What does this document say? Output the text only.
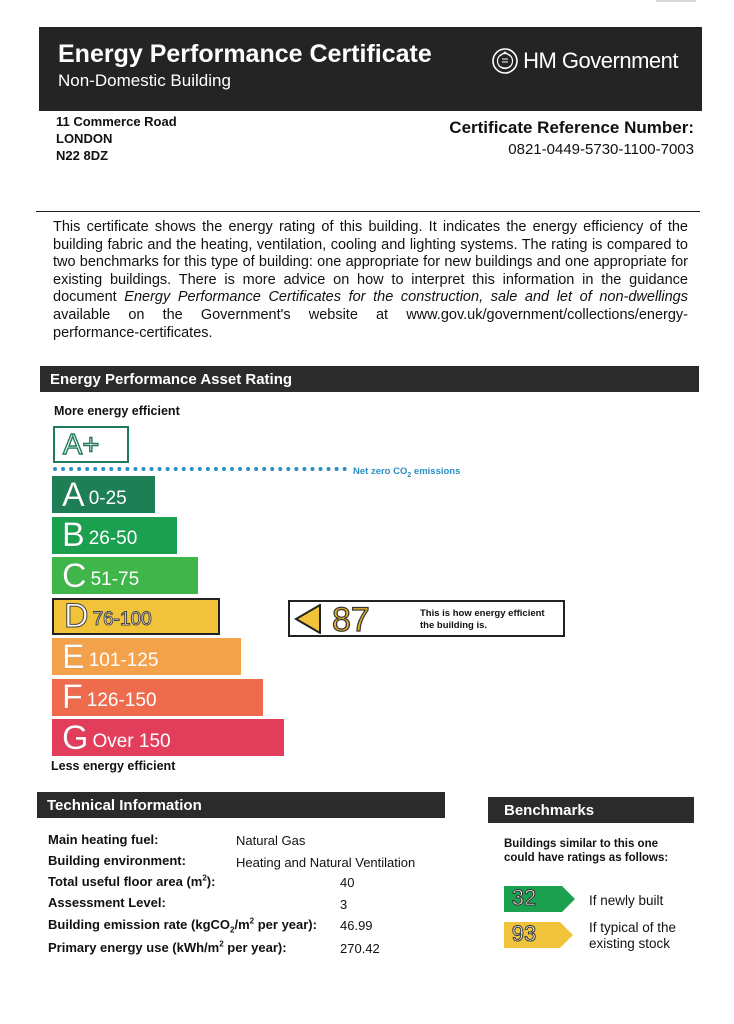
Energy Performance Certificate
Non-Domestic Building
HM Government
11 Commerce Road
LONDON
N22 8DZ
Certificate Reference Number:
0821-0449-5730-1100-7003
This certificate shows the energy rating of this building. It indicates the energy efficiency of the building fabric and the heating, ventilation, cooling and lighting systems. The rating is compared to two benchmarks for this type of building: one appropriate for new buildings and one appropriate for existing buildings. There is more advice on how to interpret this information in the guidance document Energy Performance Certificates for the construction, sale and let of non-dwellings available on the Government's website at www.gov.uk/government/collections/energy-performance-certificates.
Energy Performance Asset Rating
More energy efficient
A+
Net zero $CO_2$ emissions
A 0-25
B 26-50
C 51-75
D 76-100
E 101-125
F 126-150
G Over 150
Less energy efficient
87	This is how energy efficient the building is.
Technical Information
Main heating fuel:	Natural Gas
Building environment:	Heating and Natural Ventilation
Total useful floor area $(m^2)$:	40
Assessment Level:	3
Building emission rate ($kgCO_2/m^2$ per year): 46.99
Primary energy use ($kWh/m^2$ per year):	270.42
Benchmarks
Buildings similar to this one could have ratings as follows:
32	If newly built
93	If typical of the
existing stock
